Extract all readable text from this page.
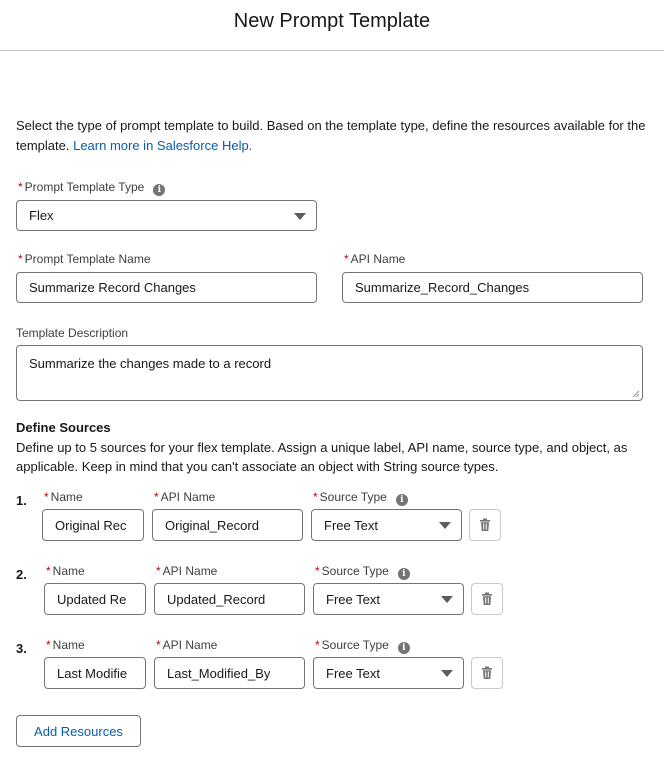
New Prompt Template
Select the type of prompt template to build. Based on the template type, define the resources available for the template. Learn more in Salesforce Help.
* Prompt Template Type i
Flex
* Prompt Template Name
Summarize Record Changes
* API Name
Summarize_Record_Changes
Template Description
Summarize the changes made to a record
Define Sources
Define up to 5 sources for your flex template. Assign a unique label, API name, source type, and object, as applicable. Keep in mind that you can't associate an object with String source types.
1. * Name	* API Name	* Source Type i
Original Rec	Original_Record	Free Text
2. * Name	* API Name	* Source Type i
Updated Re	Updated_Record	Free Text
3. * Name	* API Name	* Source Type i
Last Modifie	Last_Modified_By	Free Text
Add Resources
